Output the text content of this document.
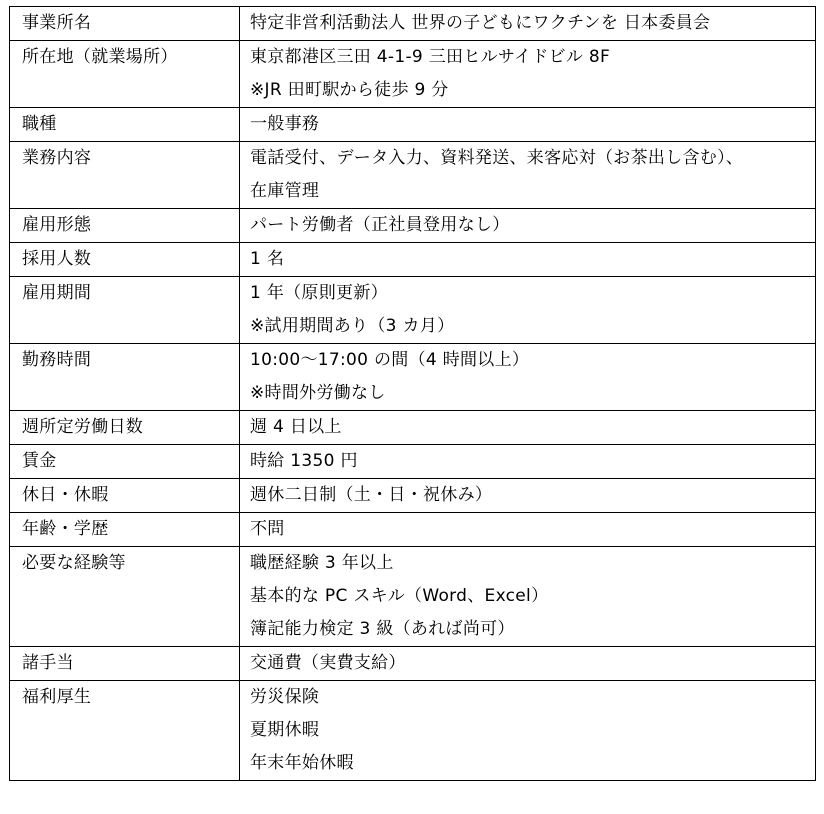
事業所名	特定非営利活動法人 世界の子どもにワクチンを 日本委員会

所在地（就業場所）	東京都港区三田 4-1-9 三田ヒルサイドビル 8F
※JR 田町駅から徒歩 9 分

職種	一般事務

業務内容	電話受付、データ入力、資料発送、来客応対（お茶出し含む）、
在庫管理

雇用形態	パート労働者（正社員登用なし）

採用人数	1 名

雇用期間	1 年（原則更新）
※試用期間あり（3 カ月）

勤務時間	10:00～17:00 の間（4 時間以上）
※時間外労働なし

週所定労働日数	週 4 日以上

賃金	時給 1350 円

休日・休暇	週休二日制（土・日・祝休み）

年齢・学歴	不問

必要な経験等	職歴経験 3 年以上
基本的な PC スキル（Word、Excel）
簿記能力検定 3 級（あれば尚可）

諸手当	交通費（実費支給）

福利厚生	労災保険
夏期休暇
年末年始休暇
